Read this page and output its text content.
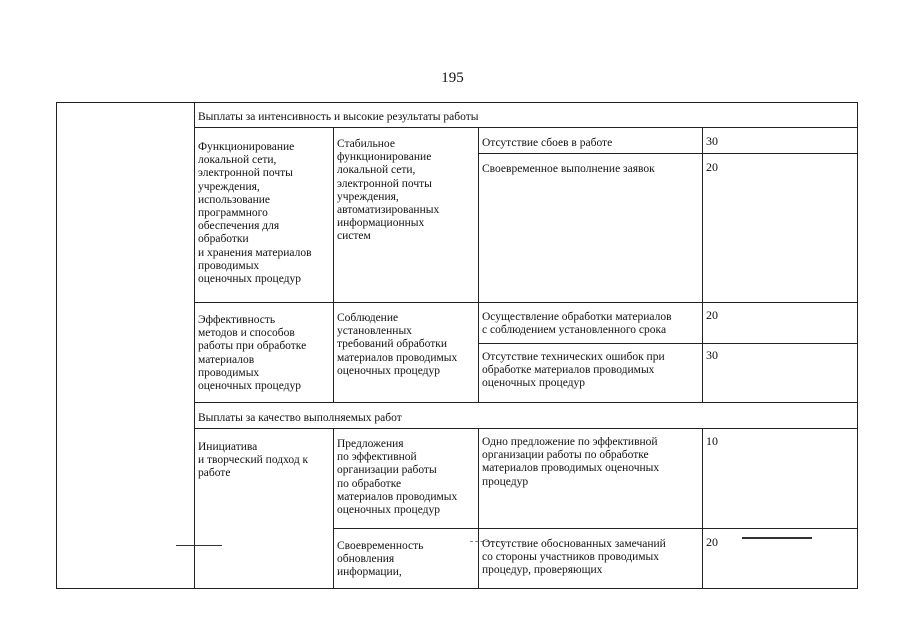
195
Выплаты за интенсивность и высокие результаты работы
Функционирование
локальной сети,
электронной почты
учреждения,
использование
программного
обеспечения для
обработки
и хранения материалов
проводимых
оценочных процедур
Стабильное
функционирование
локальной сети,
электронной почты
учреждения,
автоматизированных
информационных
систем
Отсутствие сбоев в работе	30
Своевременное выполнение заявок	20
Эффективность
методов и способов
работы при обработке
материалов
проводимых
оценочных процедур
Соблюдение
установленных
требований обработки
материалов проводимых
оценочных процедур
Осуществление обработки материалов
с соблюдением установленного срока
20
Отсутствие технических ошибок при
обработке материалов проводимых
оценочных процедур
30
Выплаты за качество выполняемых работ
Инициатива
и творческий подход к
работе
Предложения
по эффективной
организации работы
по обработке
материалов проводимых
оценочных процедур
Одно предложение по эффективной
организации работы по обработке
материалов проводимых оценочных
процедур
10
Своевременность
обновления
информации,
Отсутствие обоснованных замечаний
со стороны участников проводимых
процедур, проверяющих
20
